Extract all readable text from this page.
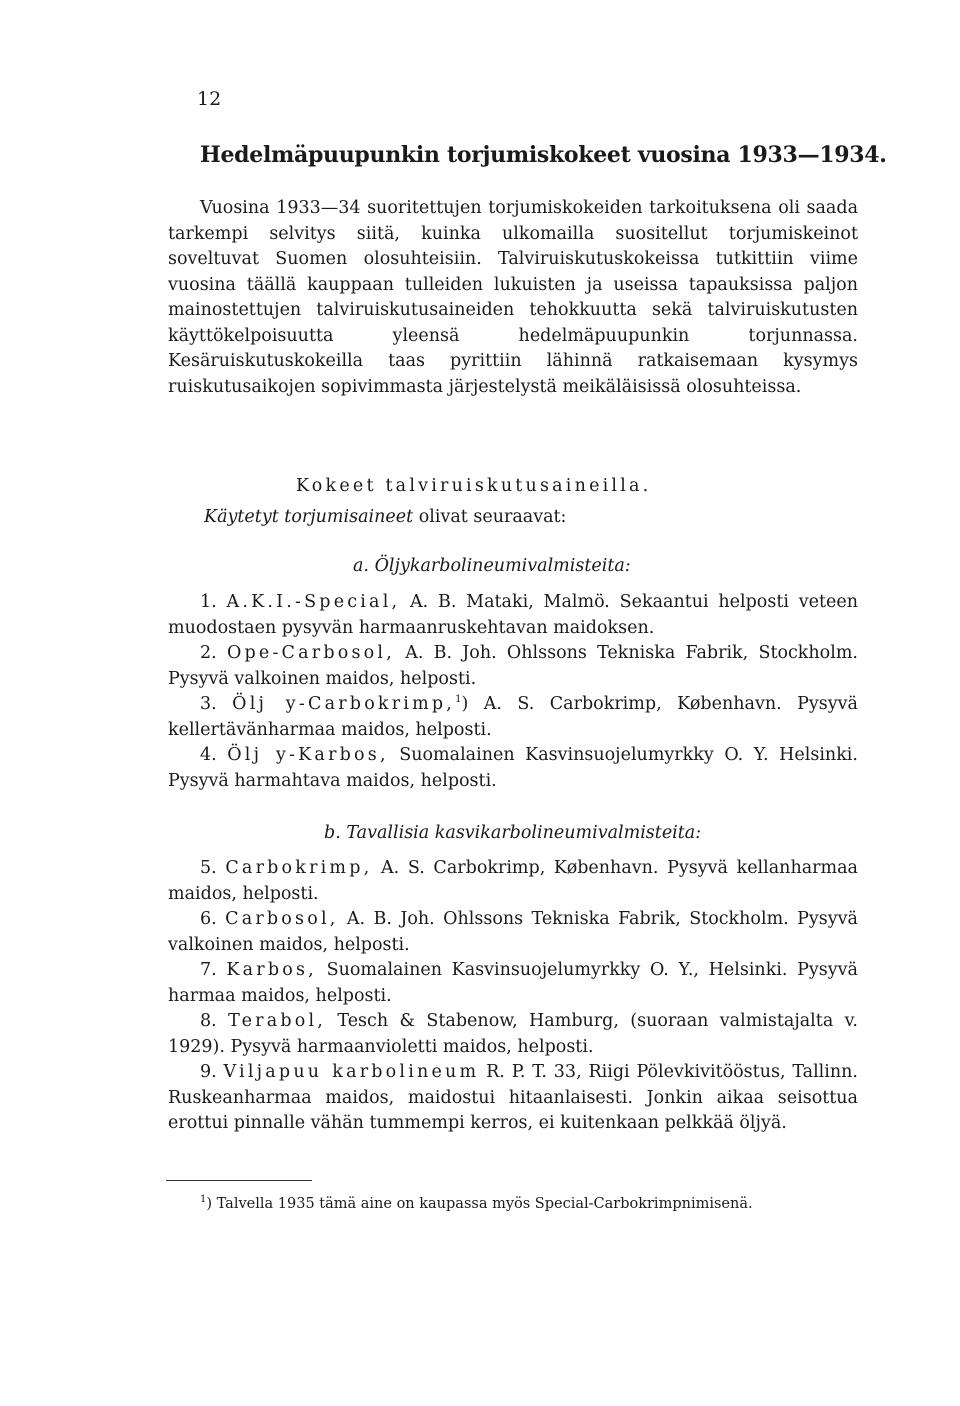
12
Hedelmäpuupunkin torjumiskokeet vuosina 1933—1934.

Vuosina 1933—34 suoritettujen torjumiskokeiden tarkoituksena oli saada tarkempi selvitys siitä, kuinka ulkomailla suositellut torjumiskeinot soveltuvat Suomen olosuhteisiin. Talviruiskutuskokeissa tutkittiin viime vuosina täällä kauppaan tulleiden lukuisten ja useissa tapauksissa paljon mainostettujen talviruiskutusaineiden tehokkuutta sekä talviruiskutusten käyttökelpoisuutta yleensä hedelmäpuupunkin torjunnassa. Kesäruiskutuskokeilla taas pyrittiin lähinnä ratkaisemaan kysymys ruiskutusaikojen sopivimmasta järjestelystä meikäläisissä olosuhteissa.

Kokeet talviruiskutusaineilla.
Käytetyt torjumisaineet olivat seuraavat:
a. Öljykarbolineumivalmisteita:

1. A.K.I.-Special, A. B. Mataki, Malmö. Sekaantui helposti veteen muodostaen pysyvän harmaanruskehtavan maidoksen.

2. Ope-Carbosol, A. B. Joh. Ohlssons Tekniska Fabrik, Stockholm. Pysyvä valkoinen maidos, helposti.

3. Ölj y-Carbokrimp,$^1$) A. S. Carbokrimp, København. Pysyvä kellertävänharmaa maidos, helposti.

4. Ölj y-Karbos, Suomalainen Kasvinsuojelumyrkky O. Y. Helsinki. Pysyvä harmahtava maidos, helposti.

b. Tavallisia kasvikarbolineumivalmisteita:

5. Carbokrimp, A. S. Carbokrimp, København. Pysyvä kellanharmaa maidos, helposti.

6. Carbosol, A. B. Joh. Ohlssons Tekniska Fabrik, Stockholm. Pysyvä valkoinen maidos, helposti.

7. Karbos, Suomalainen Kasvinsuojelumyrkky O. Y., Helsinki. Pysyvä harmaa maidos, helposti.

8. Terabol, Tesch & Stabenow, Hamburg, (suoraan valmistajalta v. 1929). Pysyvä harmaanvioletti maidos, helposti.

9. Viljapuu karbolineum R. P. T. 33, Riigi Pölevkivitööstus, Tallinn. Ruskeanharmaa maidos, maidostui hitaanlaisesti. Jonkin aikaa seisottua erottui pinnalle vähän tummempi kerros, ei kuitenkaan pelkkää öljyä.

$^1$) Talvella 1935 tämä aine on kaupassa myös Special-Carbokrimpnimisenä.
